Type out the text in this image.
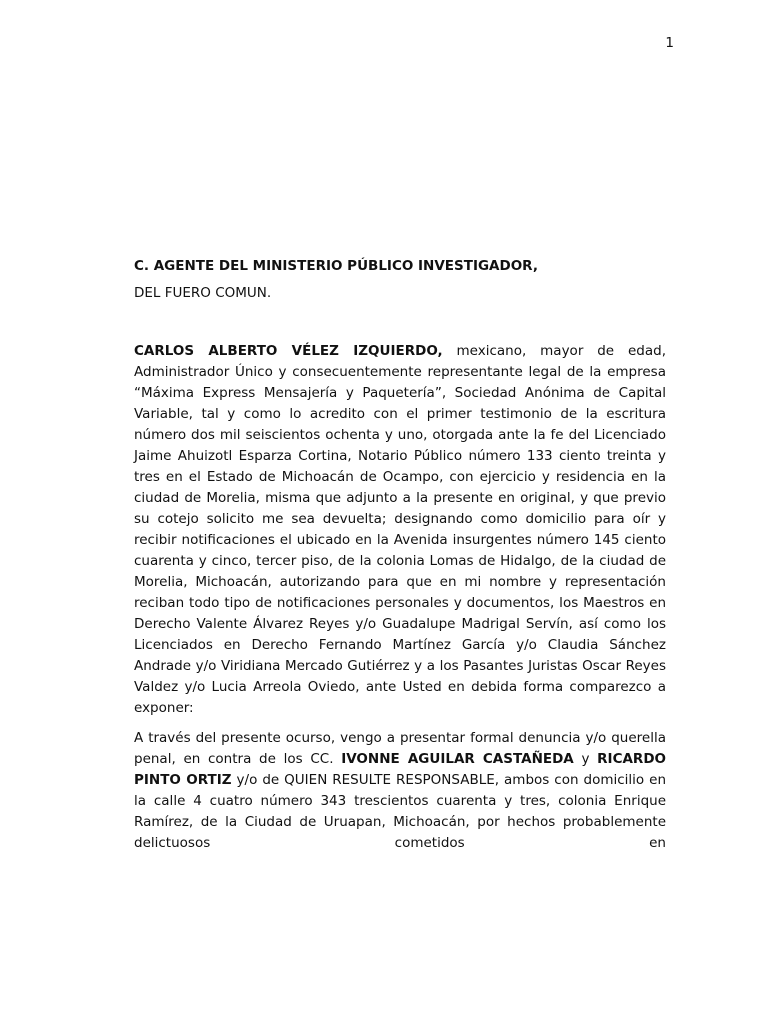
1

C. AGENTE DEL MINISTERIO PÚBLICO INVESTIGADOR,

DEL FUERO COMUN.

CARLOS ALBERTO VÉLEZ IZQUIERDO, mexicano, mayor de edad, Administrador Único y consecuentemente representante legal de la empresa “Máxima Express Mensajería y Paquetería”, Sociedad Anónima de Capital Variable, tal y como lo acredito con el primer testimonio de la escritura número dos mil seiscientos ochenta y uno, otorgada ante la fe del Licenciado Jaime Ahuizotl Esparza Cortina, Notario Público número 133 ciento treinta y tres en el Estado de Michoacán de Ocampo, con ejercicio y residencia en la ciudad de Morelia, misma que adjunto a la presente en original, y que previo su cotejo solicito me sea devuelta; designando como domicilio para oír y recibir notificaciones el ubicado en la Avenida insurgentes número 145 ciento cuarenta y cinco, tercer piso, de la colonia Lomas de Hidalgo, de la ciudad de Morelia, Michoacán, autorizando para que en mi nombre y representación reciban todo tipo de notificaciones personales y documentos, los Maestros en Derecho Valente Álvarez Reyes y/o Guadalupe Madrigal Servín, así como los Licenciados en Derecho Fernando Martínez García y/o Claudia Sánchez Andrade y/o Viridiana Mercado Gutiérrez y a los Pasantes Juristas Oscar Reyes Valdez y/o Lucia Arreola Oviedo, ante Usted en debida forma comparezco a exponer:

A través del presente ocurso, vengo a presentar formal denuncia y/o querella penal, en contra de los CC. IVONNE AGUILAR CASTAÑEDA y RICARDO PINTO ORTIZ y/o de QUIEN RESULTE RESPONSABLE, ambos con domicilio en la calle 4 cuatro número 343 trescientos cuarenta y tres, colonia Enrique Ramírez, de la Ciudad de Uruapan, Michoacán, por hechos probablemente delictuosos cometidos en
